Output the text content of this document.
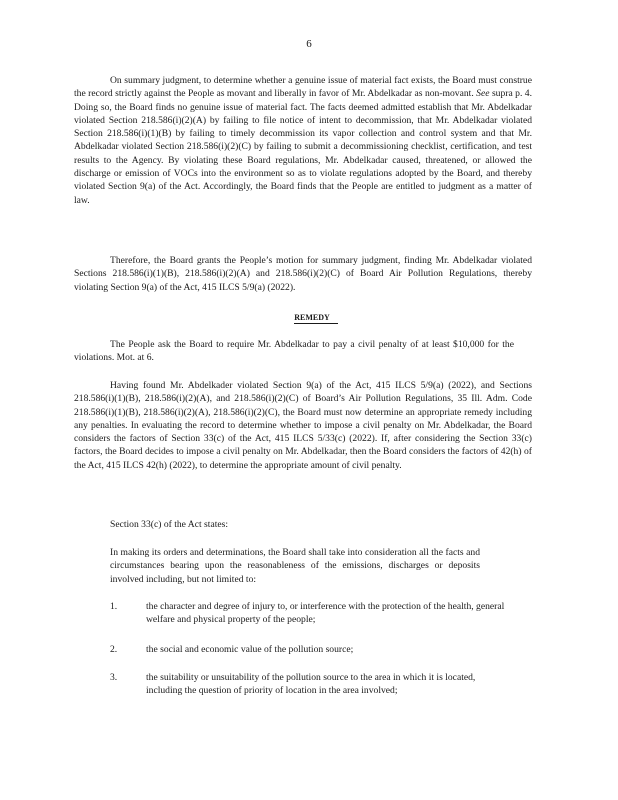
6

On summary judgment, to determine whether a genuine issue of material fact exists, the Board must construe the record strictly against the People as movant and liberally in favor of Mr. Abdelkadar as non-movant. See supra p. 4. Doing so, the Board finds no genuine issue of material fact. The facts deemed admitted establish that Mr. Abdelkadar violated Section 218.586(i)(2)(A) by failing to file notice of intent to decommission, that Mr. Abdelkadar violated Section 218.586(i)(1)(B) by failing to timely decommission its vapor collection and control system and that Mr. Abdelkadar violated Section 218.586(i)(2)(C) by failing to submit a decommissioning checklist, certification, and test results to the Agency. By violating these Board regulations, Mr. Abdelkadar caused, threatened, or allowed the discharge or emission of VOCs into the environment so as to violate regulations adopted by the Board, and thereby violated Section 9(a) of the Act. Accordingly, the Board finds that the People are entitled to judgment as a matter of law.

Therefore, the Board grants the People’s motion for summary judgment, finding Mr. Abdelkadar violated Sections 218.586(i)(1)(B), 218.586(i)(2)(A) and 218.586(i)(2)(C) of Board Air Pollution Regulations, thereby violating Section 9(a) of the Act, 415 ILCS 5/9(a) (2022).

REMEDY

The People ask the Board to require Mr. Abdelkadar to pay a civil penalty of at least $10,000 for the violations. Mot. at 6.

Having found Mr. Abdelkader violated Section 9(a) of the Act, 415 ILCS 5/9(a) (2022), and Sections 218.586(i)(1)(B), 218.586(i)(2)(A), and 218.586(i)(2)(C) of Board’s Air Pollution Regulations, 35 Ill. Adm. Code 218.586(i)(1)(B), 218.586(i)(2)(A), 218.586(i)(2)(C), the Board must now determine an appropriate remedy including any penalties. In evaluating the record to determine whether to impose a civil penalty on Mr. Abdelkadar, the Board considers the factors of Section 33(c) of the Act, 415 ILCS 5/33(c) (2022). If, after considering the Section 33(c) factors, the Board decides to impose a civil penalty on Mr. Abdelkadar, then the Board considers the factors of 42(h) of the Act, 415 ILCS 42(h) (2022), to determine the appropriate amount of civil penalty.

Section 33(c) of the Act states:

In making its orders and determinations, the Board shall take into consideration all the facts and circumstances bearing upon the reasonableness of the emissions, discharges or deposits involved including, but not limited to:

1.	the character and degree of injury to, or interference with the protection of the health, general welfare and physical property of the people;
2.	the social and economic value of the pollution source;
3.	the suitability or unsuitability of the pollution source to the area in which it is located, including the question of priority of location in the area involved;
